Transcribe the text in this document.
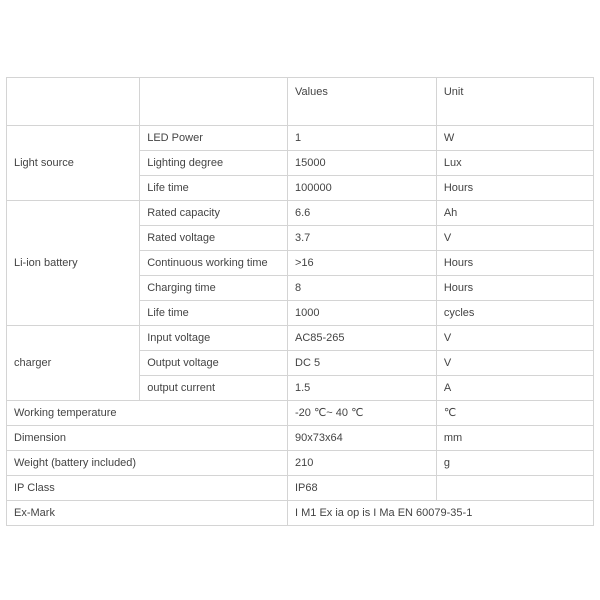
		Values	Unit
Light source	LED Power	1	W
	Lighting degree	15000	Lux
	Life time	100000	Hours
Li-ion battery	Rated capacity	6.6	Ah
	Rated voltage	3.7	V
	Continuous working time	>16	Hours
	Charging time	8	Hours
	Life time	1000	cycles
charger	Input voltage	AC85-265	V
	Output voltage	DC 5	V
	output current	1.5	A
Working temperature		-20 ℃~ 40 ℃	℃
Dimension		90x73x64	mm
Weight (battery included)		210	g
IP Class		IP68	
Ex-Mark		I M1 Ex ia op is I Ma EN 60079-35-1	
